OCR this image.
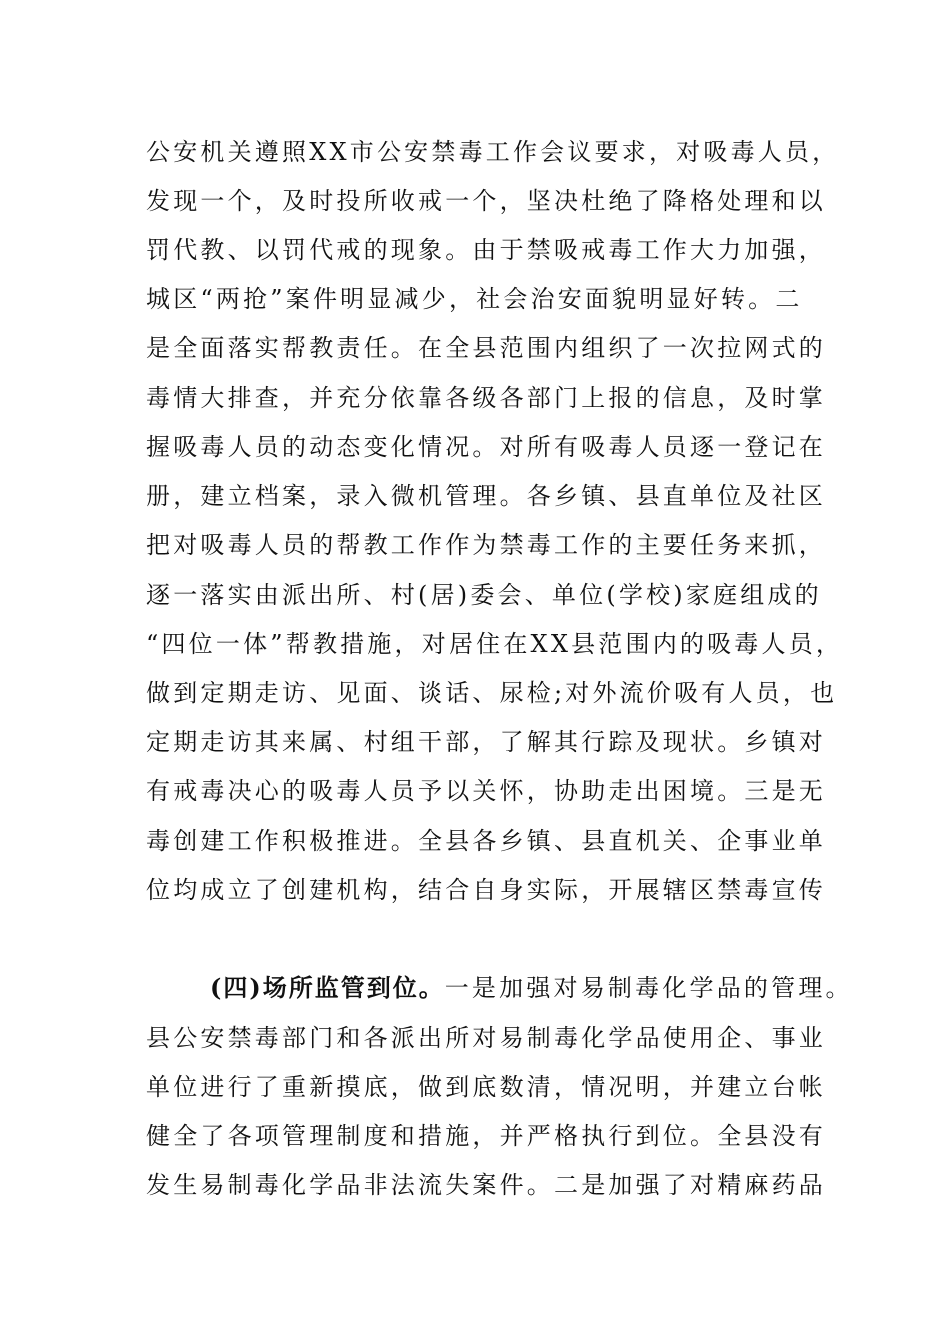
公安机关遵照XX市公安禁毒工作会议要求，对吸毒人员，
发现一个，及时投所收戒一个，坚决杜绝了降格处理和以
罚代教、以罚代戒的现象。由于禁吸戒毒工作大力加强，
城区“两抢”案件明显减少，社会治安面貌明显好转。二
是全面落实帮教责任。在全县范围内组织了一次拉网式的
毒情大排查，并充分依靠各级各部门上报的信息，及时掌
握吸毒人员的动态变化情况。对所有吸毒人员逐一登记在
册，建立档案，录入微机管理。各乡镇、县直单位及社区
把对吸毒人员的帮教工作作为禁毒工作的主要任务来抓，
逐一落实由派出所、村(居)委会、单位(学校)家庭组成的
“四位一体”帮教措施，对居住在XX县范围内的吸毒人员，
做到定期走访、见面、谈话、尿检;对外流价吸有人员，也
定期走访其来属、村组干部，了解其行踪及现状。乡镇对
有戒毒决心的吸毒人员予以关怀，协助走出困境。三是无
毒创建工作积极推进。全县各乡镇、县直机关、企事业单
位均成立了创建机构，结合自身实际，开展辖区禁毒宣传
(四)场所监管到位。一是加强对易制毒化学品的管理。
县公安禁毒部门和各派出所对易制毒化学品使用企、事业
单位进行了重新摸底，做到底数清，情况明，并建立台帐
健全了各项管理制度和措施，并严格执行到位。全县没有
发生易制毒化学品非法流失案件。二是加强了对精麻药品
